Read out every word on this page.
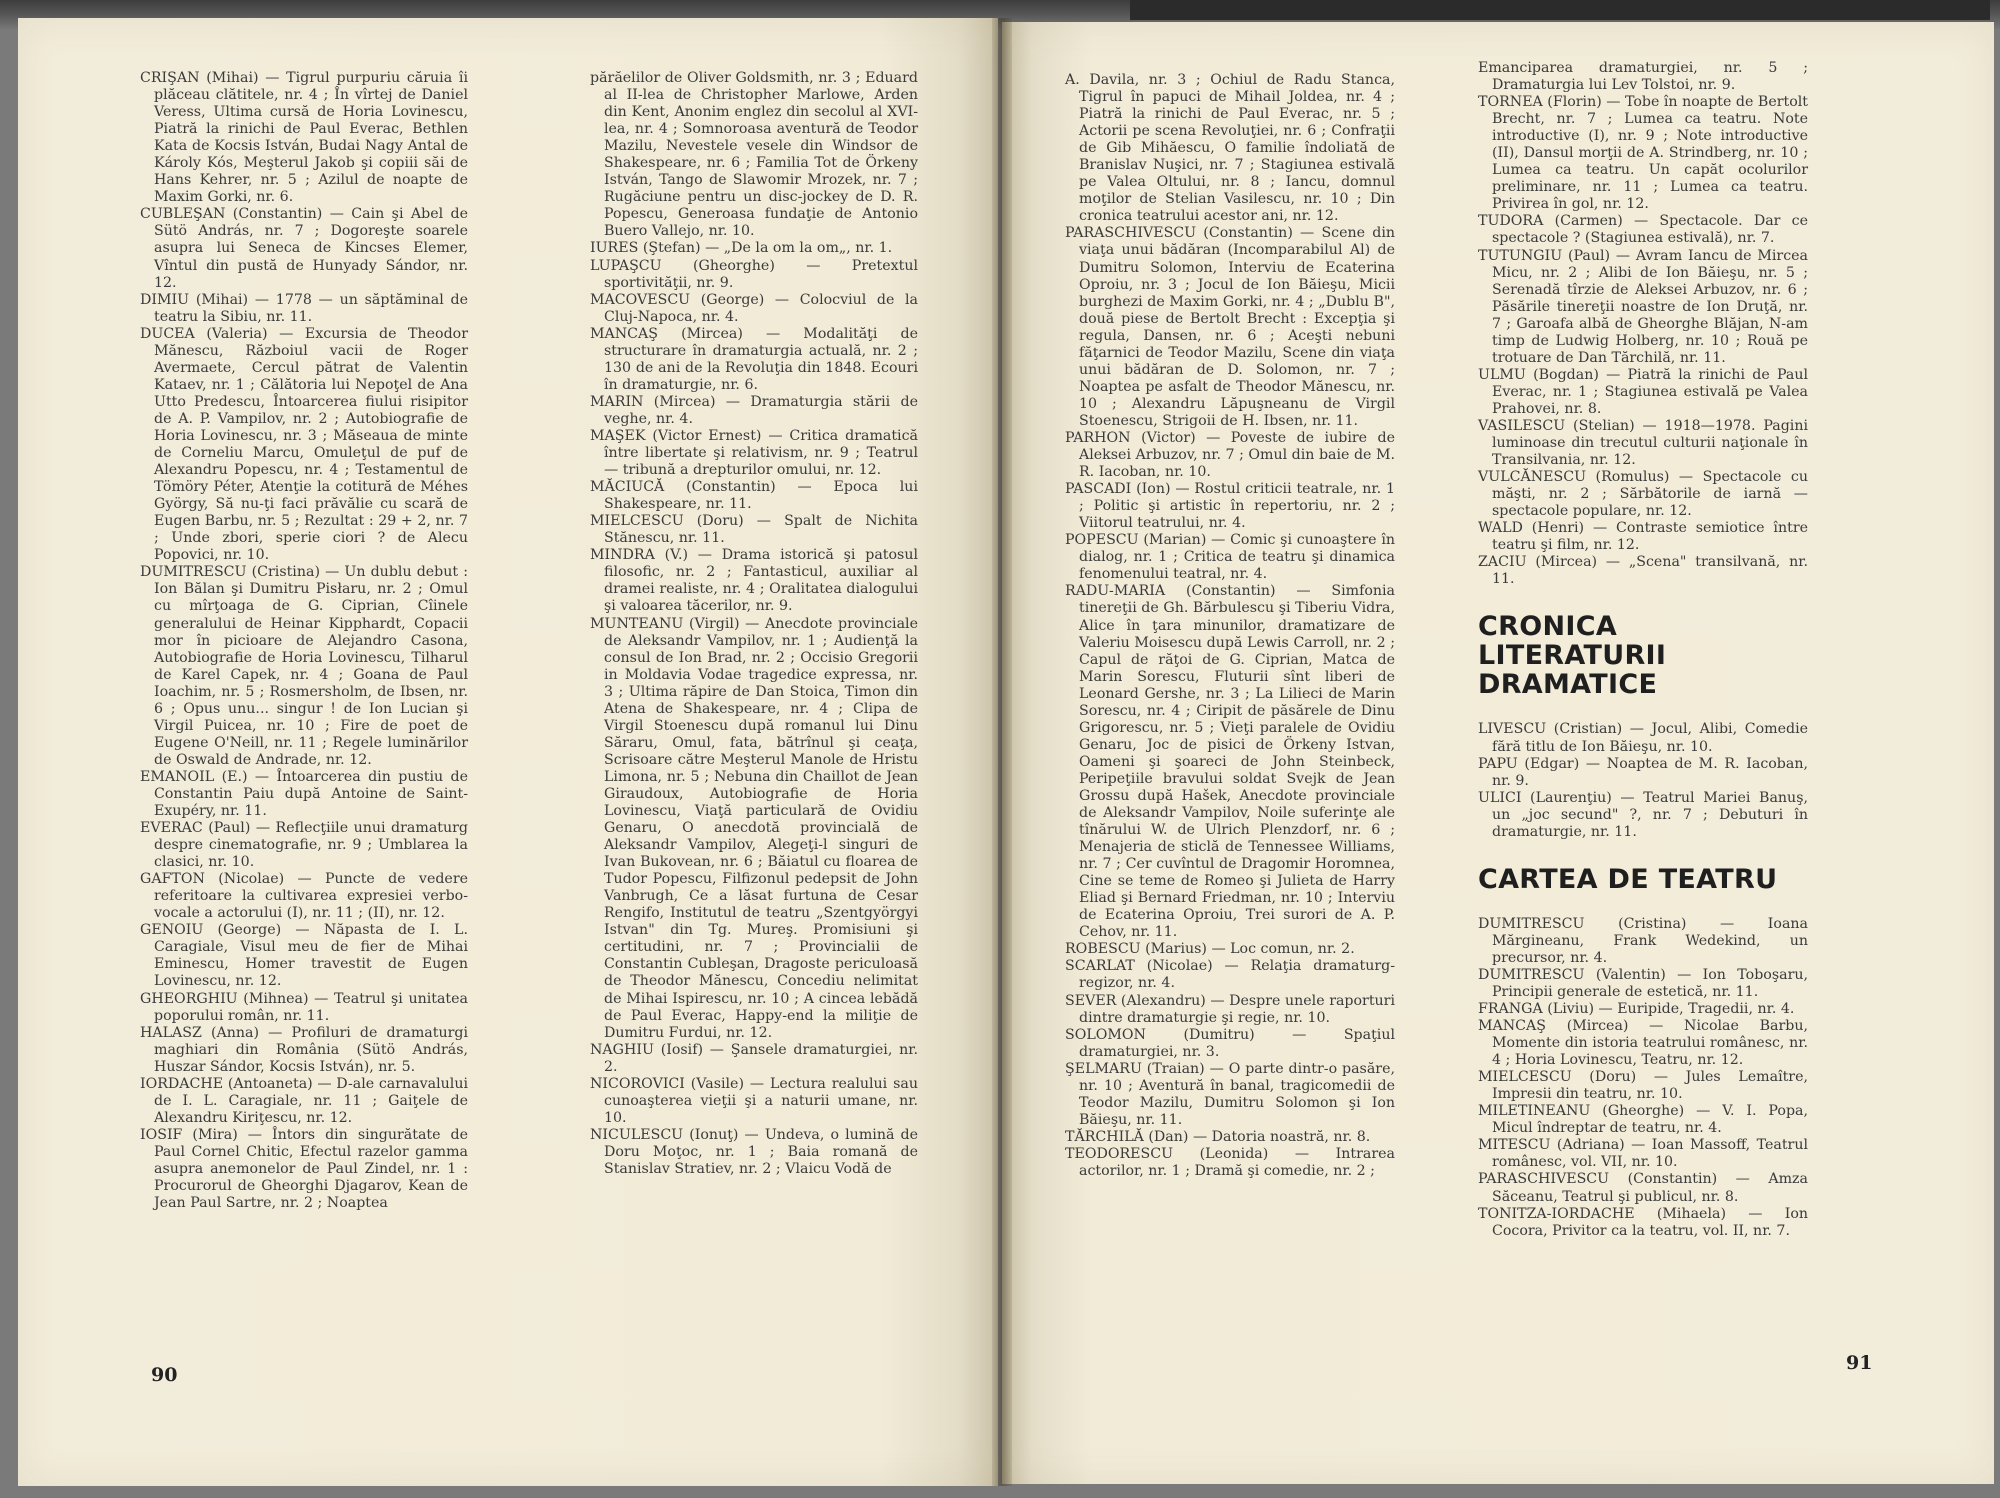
CRIŞAN (Mihai) — Tigrul purpuriu căruia îi plăceau clătitele, nr. 4 ; În vîrtej de Daniel Veress, Ultima cursă de Horia Lovinescu, Piatră la rinichi de Paul Everac, Bethlen Kata de Kocsis István, Budai Nagy Antal de Károly Kós, Meşterul Jakob şi copiii săi de Hans Kehrer, nr. 5 ; Azilul de noapte de Maxim Gorki, nr. 6.

CUBLEŞAN (Constantin) — Cain şi Abel de Sütö András, nr. 7 ; Dogoreşte soarele asupra lui Seneca de Kincses Elemer, Vîntul din pustă de Hunyady Sándor, nr. 12.

DIMIU (Mihai) — 1778 — un săptăminal de teatru la Sibiu, nr. 11.

DUCEA (Valeria) — Excursia de Theodor Mănescu, Războiul vacii de Roger Avermaete, Cercul pătrat de Valentin Kataev, nr. 1 ; Călătoria lui Nepoţel de Ana Utto Predescu, Întoarcerea fiului risipitor de A. P. Vampilov, nr. 2 ; Autobiografie de Horia Lovinescu, nr. 3 ; Măseaua de minte de Corneliu Marcu, Omuleţul de puf de Alexandru Popescu, nr. 4 ; Testamentul de Tömöry Péter, Atenţie la cotitură de Méhes György, Să nu-ţi faci prăvălie cu scară de Eugen Barbu, nr. 5 ; Rezultat : 29 + 2, nr. 7 ; Unde zbori, sperie ciori ? de Alecu Popovici, nr. 10.

DUMITRESCU (Cristina) — Un dublu debut : Ion Bălan şi Dumitru Pisłaru, nr. 2 ; Omul cu mîrţoaga de G. Ciprian, Cîinele generalului de Heinar Kipphardt, Copacii mor în picioare de Alejandro Casona, Autobiografie de Horia Lovinescu, Tilharul de Karel Capek, nr. 4 ; Goana de Paul Ioachim, nr. 5 ; Rosmersholm, de Ibsen, nr. 6 ; Opus unu... singur ! de Ion Lucian şi Virgil Puicea, nr. 10 ; Fire de poet de Eugene O'Neill, nr. 11 ; Regele luminărilor de Oswald de Andrade, nr. 12.

EMANOIL (E.) — Întoarcerea din pustiu de Constantin Paiu după Antoine de Saint-Exupéry, nr. 11.

EVERAC (Paul) — Reflecţiile unui dramaturg despre cinematografie, nr. 9 ; Umblarea la clasici, nr. 10.

GAFTON (Nicolae) — Puncte de vedere referitoare la cultivarea expresiei verbo-vocale a actorului (I), nr. 11 ; (II), nr. 12.

GENOIU (George) — Năpasta de I. L. Caragiale, Visul meu de fier de Mihai Eminescu, Homer travestit de Eugen Lovinescu, nr. 12.

GHEORGHIU (Mihnea) — Teatrul şi unitatea poporului român, nr. 11.

HALASZ (Anna) — Profiluri de dramaturgi maghiari din România (Sütö András, Huszar Sándor, Kocsis István), nr. 5.

IORDACHE (Antoaneta) — D-ale carnavalului de I. L. Caragiale, nr. 11 ; Gaiţele de Alexandru Kiriţescu, nr. 12.

IOSIF (Mira) — Întors din singurătate de Paul Cornel Chitic, Efectul razelor gamma asupra anemonelor de Paul Zindel, nr. 1 : Procurorul de Gheorghi Djagarov, Kean de Jean Paul Sartre, nr. 2 ; Noaptea

părăelilor de Oliver Goldsmith, nr. 3 ; Eduard al II-lea de Christopher Marlowe, Arden din Kent, Anonim englez din secolul al XVI-lea, nr. 4 ; Somnoroasa aventură de Teodor Mazilu, Nevestele vesele din Windsor de Shakespeare, nr. 6 ; Familia Tot de Örkeny István, Tango de Slawomir Mrozek, nr. 7 ; Rugăciune pentru un disc-jockey de D. R. Popescu, Generoasa fundaţie de Antonio Buero Vallejo, nr. 10.

IURES (Ştefan) — „De la om la om„, nr. 1.

LUPAŞCU (Gheorghe) — Pretextul sportivităţii, nr. 9.

MACOVESCU (George) — Colocviul de la Cluj-Napoca, nr. 4.

MANCAŞ (Mircea) — Modalităţi de structurare în dramaturgia actuală, nr. 2 ; 130 de ani de la Revoluţia din 1848. Ecouri în dramaturgie, nr. 6.

MARIN (Mircea) — Dramaturgia stării de veghe, nr. 4.

MAŞEK (Victor Ernest) — Critica dramatică între libertate şi relativism, nr. 9 ; Teatrul — tribună a drepturilor omului, nr. 12.

MĂCIUCĂ (Constantin) — Epoca lui Shakespeare, nr. 11.

MIELCESCU (Doru) — Spalt de Nichita Stănescu, nr. 11.

MINDRA (V.) — Drama istorică şi patosul filosofic, nr. 2 ; Fantasticul, auxiliar al dramei realiste, nr. 4 ; Oralitatea dialogului şi valoarea tăcerilor, nr. 9.

MUNTEANU (Virgil) — Anecdote provinciale de Aleksandr Vampilov, nr. 1 ; Audienţă la consul de Ion Brad, nr. 2 ; Occisio Gregorii in Moldavia Vodae tragedice expressa, nr. 3 ; Ultima răpire de Dan Stoica, Timon din Atena de Shakespeare, nr. 4 ; Clipa de Virgil Stoenescu după romanul lui Dinu Săraru, Omul, fata, bătrînul şi ceaţa, Scrisoare către Meşterul Manole de Hristu Limona, nr. 5 ; Nebuna din Chaillot de Jean Giraudoux, Autobiografie de Horia Lovinescu, Viaţă particulară de Ovidiu Genaru, O anecdotă provincială de Aleksandr Vampilov, Alegeţi-l singuri de Ivan Bukovean, nr. 6 ; Băiatul cu floarea de Tudor Popescu, Filfizonul pedepsit de John Vanbrugh, Ce a lăsat furtuna de Cesar Rengifo, Institutul de teatru „Szentgyörgyi Istvan" din Tg. Mureş. Promisiuni şi certitudini, nr. 7 ; Provincialii de Constantin Cubleşan, Dragoste periculoasă de Theodor Mănescu, Concediu nelimitat de Mihai Ispirescu, nr. 10 ; A cincea lebădă de Paul Everac, Happy-end la miliţie de Dumitru Furdui, nr. 12.

NAGHIU (Iosif) — Şansele dramaturgiei, nr. 2.

NICOROVICI (Vasile) — Lectura realului sau cunoaşterea vieţii şi a naturii umane, nr. 10.

NICULESCU (Ionuţ) — Undeva, o lumină de Doru Moţoc, nr. 1 ; Baia romană de Stanislav Stratiev, nr. 2 ; Vlaicu Vodă de

A. Davila, nr. 3 ; Ochiul de Radu Stanca, Tigrul în papuci de Mihail Joldea, nr. 4 ; Piatră la rinichi de Paul Everac, nr. 5 ; Actorii pe scena Revoluţiei, nr. 6 ; Confraţii de Gib Mihăescu, O familie îndoliată de Branislav Nuşici, nr. 7 ; Stagiunea estivală pe Valea Oltului, nr. 8 ; Iancu, domnul moţilor de Stelian Vasilescu, nr. 10 ; Din cronica teatrului acestor ani, nr. 12.

PARASCHIVESCU (Constantin) — Scene din viaţa unui bădăran (Incomparabilul Al) de Dumitru Solomon, Interviu de Ecaterina Oproiu, nr. 3 ; Jocul de Ion Băieşu, Micii burghezi de Maxim Gorki, nr. 4 ; „Dublu B", două piese de Bertolt Brecht : Excepţia şi regula, Dansen, nr. 6 ; Aceşti nebuni făţarnici de Teodor Mazilu, Scene din viaţa unui bădăran de D. Solomon, nr. 7 ; Noaptea pe asfalt de Theodor Mănescu, nr. 10 ; Alexandru Lăpuşneanu de Virgil Stoenescu, Strigoii de H. Ibsen, nr. 11.

PARHON (Victor) — Poveste de iubire de Alekse​i Arbuzov, nr. 7 ; Omul din baie de M. R. Iacoban, nr. 10.

PASCADI (Ion) — Rostul criticii teatrale, nr. 1 ; Politic şi artistic în repertoriu, nr. 2 ; Viitorul teatrului, nr. 4.

POPESCU (Marian) — Comic şi cunoaştere în dialog, nr. 1 ; Critica de teatru şi dinamica fenomenului teatral, nr. 4.

RADU-MARIA (Constantin) — Simfonia tinereţii de Gh. Bărbulescu şi Tiberiu Vidra, Alice în ţara minunilor, dramatizare de Valeriu Moisescu după Lewis Carroll, nr. 2 ; Capul de răţoi de G. Ciprian, Matca de Marin Sorescu, Fluturii sînt liberi de Leonard Gershe, nr. 3 ; La Lilieci de Marin Sorescu, nr. 4 ; Ciripit de păsărele de Dinu Grigorescu, nr. 5 ; Vieţi paralele de Ovidiu Genaru, Joc de pisici de Örkeny Istvan, Oameni şi şoareci de John Steinbeck, Peripeţiile bravului soldat Svejk de Jean Grossu după Hašek, Anecdote provinciale de Aleksandr Vampilov, Noile suferinţe ale tînărului W. de Ulrich Plenzdorf, nr. 6 ; Menajeria de sticlă de Tennessee Williams, nr. 7 ; Cer cuvîntul de Dragomir Horomnea, Cine se teme de Romeo şi Julieta de Harry Eliad şi Bernard Friedman, nr. 10 ; Interviu de Ecaterina Oproiu, Trei surori de A. P. Cehov, nr. 11.

ROBESCU (Marius) — Loc comun, nr. 2.

SCARLAT (Nicolae) — Relaţia dramaturg-regizor, nr. 4.

SEVER (Alexandru) — Despre unele raporturi dintre dramaturgie şi regie, nr. 10.

SOLOMON (Dumitru) — Spaţiul dramaturgiei, nr. 3.

ŞELMARU (Traian) — O parte dintr-o pasăre, nr. 10 ; Aventură în banal, tragicomedii de Teodor Mazilu, Dumitru Solomon şi Ion Băieşu, nr. 11.

TĂRCHILĂ (Dan) — Datoria noastră, nr. 8.

TEODORESCU (Leonida) — Intrarea actorilor, nr. 1 ; Dramă şi comedie, nr. 2 ;

Emanciparea dramaturgiei, nr. 5 ; Dramaturgia lui Lev Tolstoi, nr. 9.

TORNEA (Florin) — Tobe în noapte de Bertolt Brecht, nr. 7 ; Lumea ca teatru. Note introductive (I), nr. 9 ; Note introductive (II), Dansul morţii de A. Strindberg, nr. 10 ; Lumea ca teatru. Un capăt ocolurilor preliminare, nr. 11 ; Lumea ca teatru. Privirea în gol, nr. 12.

TUDORA (Carmen) — Spectacole. Dar ce spectacole ? (Stagiunea estivală), nr. 7.

TUTUNGIU (Paul) — Avram Iancu de Mircea Micu, nr. 2 ; Alibi de Ion Băieşu, nr. 5 ; Serenadă tîrzie de Aleksei Arbuzov, nr. 6 ; Păsările tinereţii noastre de Ion Druţă, nr. 7 ; Garoafa albă de Gheorghe Blăjan, N-am timp de Ludwig Holberg, nr. 10 ; Rouă pe trotuare de Dan Tărchilă, nr. 11.

ULMU (Bogdan) — Piatră la rinichi de Paul Everac, nr. 1 ; Stagiunea estivală pe Valea Prahovei, nr. 8.

VASILESCU (Stelian) — 1918—1978. Pagini luminoase din trecutul culturii naţionale în Transilvania, nr. 12.

VULCĂNESCU (Romulus) — Spectacole cu măşti, nr. 2 ; Sărbătorile de iarnă — spectacole populare, nr. 12.

WALD (Henri) — Contraste semiotice între teatru şi film, nr. 12.

ZACIU (Mircea) — „Scena" transilvană, nr. 11.

CRONICA LITERATURII DRAMATICE

LIVESCU (Cristian) — Jocul, Alibi, Comedie fără titlu de Ion Băieşu, nr. 10.

PAPU (Edgar) — Noaptea de M. R. Iacoban, nr. 9.

ULICI (Laurenţiu) — Teatrul Mariei Banuş, un „joc secund" ?, nr. 7 ; Debuturi în dramaturgie, nr. 11.

CARTEA DE TEATRU

DUMITRESCU (Cristina) — Ioana Mărgineanu, Frank Wedekind, un precursor, nr. 4.

DUMITRESCU (Valentin) — Ion Toboşaru, Principii generale de estetică, nr. 11.

FRANGA (Liviu) — Euripide, Tragedii, nr. 4.

MANCAŞ (Mircea) — Nicolae Barbu, Momente din istoria teatrului românesc, nr. 4 ; Horia Lovinescu, Teatru, nr. 12.

MIELCESCU (Doru) — Jules Lemaître, Impresii din teatru, nr. 10.

MILETINEANU (Gheorghe) — V. I. Popa, Micul îndreptar de teatru, nr. 4.

MITESCU (Adriana) — Ioan Massoff, Teatrul românesc, vol. VII, nr. 10.

PARASCHIVESCU (Constantin) — Amza Săceanu, Teatrul şi publicul, nr. 8.

TONITZA-IORDACHE (Mihaela) — Ion Cocora, Privitor ca la teatru, vol. II, nr. 7.

90
91
